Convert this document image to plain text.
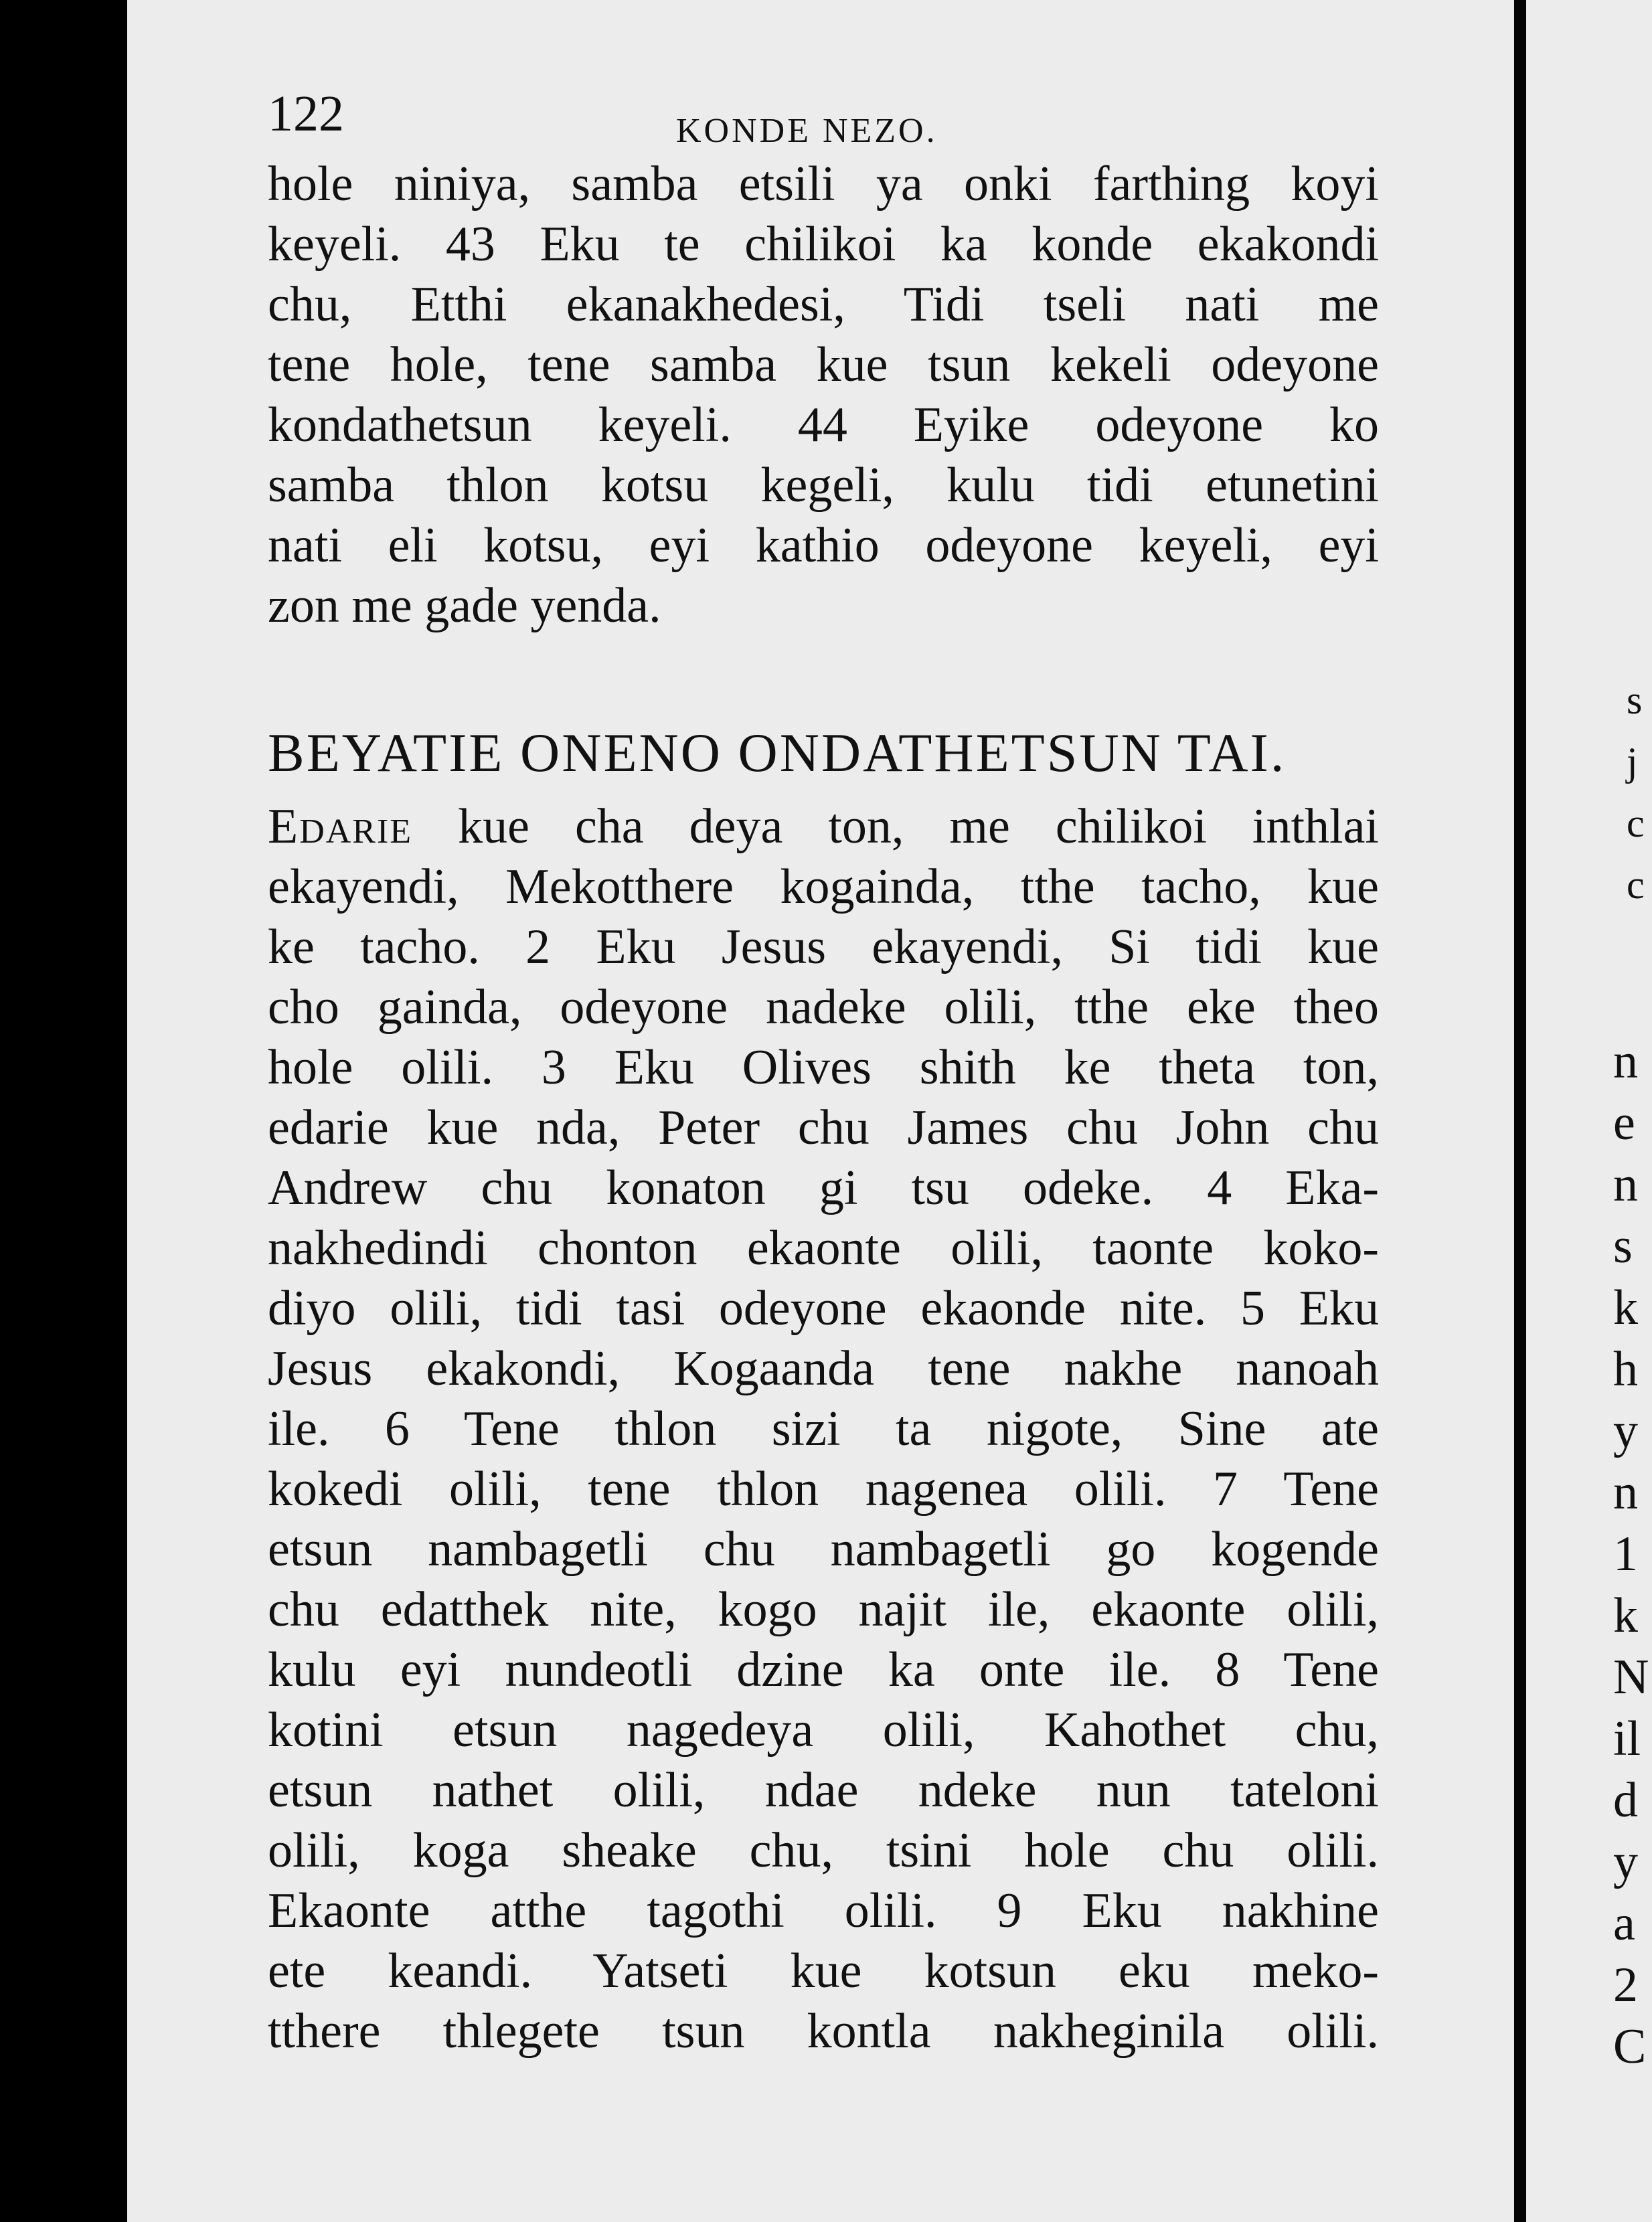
122	KONDE NEZO.
hole niniya, samba etsili ya onki farthing koyi
keyeli. 43 Eku te chilikoi ka konde ekakondi
chu, Etthi ekanakhedesi, Tidi tseli nati me
tene hole, tene samba kue tsun kekeli odeyone
kondathetsun keyeli. 44 Eyike odeyone ko
samba thlon kotsu kegeli, kulu tidi etunetini
nati eli kotsu, eyi kathio odeyone keyeli, eyi
zon me gade yenda.
BEYATIE ONENO ONDATHETSUN TAI.
Edarie kue cha deya ton, me chilikoi inthlai
ekayendi, Mekotthere kogainda, tthe tacho, kue
ke tacho. 2 Eku Jesus ekayendi, Si tidi kue
cho gainda, odeyone nadeke olili, tthe eke theo
hole olili. 3 Eku Olives shith ke theta ton,
edarie kue nda, Peter chu James chu John chu
Andrew chu konaton gi tsu odeke. 4 Eka-
nakhedindi chonton ekaonte olili, taonte koko-
diyo olili, tidi tasi odeyone ekaonde nite. 5 Eku
Jesus ekakondi, Kogaanda tene nakhe nanoah
ile. 6 Tene thlon sizi ta nigote, Sine ate
kokedi olili, tene thlon nagenea olili. 7 Tene
etsun nambagetli chu nambagetli go kogende
chu edatthek nite, kogo najit ile, ekaonte olili,
kulu eyi nundeotli dzine ka onte ile. 8 Tene
kotini etsun nagedeya olili, Kahothet chu,
etsun nathet olili, ndae ndeke nun tateloni
olili, koga sheake chu, tsini hole chu olili.
Ekaonte atthe tagothi olili. 9 Eku nakhine
ete keandi. Yatseti kue kotsun eku meko-
tthere thlegete tsun kontla nakheginila olili.
s
j
c
c
n
e
n
s
k
h
y
n
1
k
N
il
d
y
a
2
C
